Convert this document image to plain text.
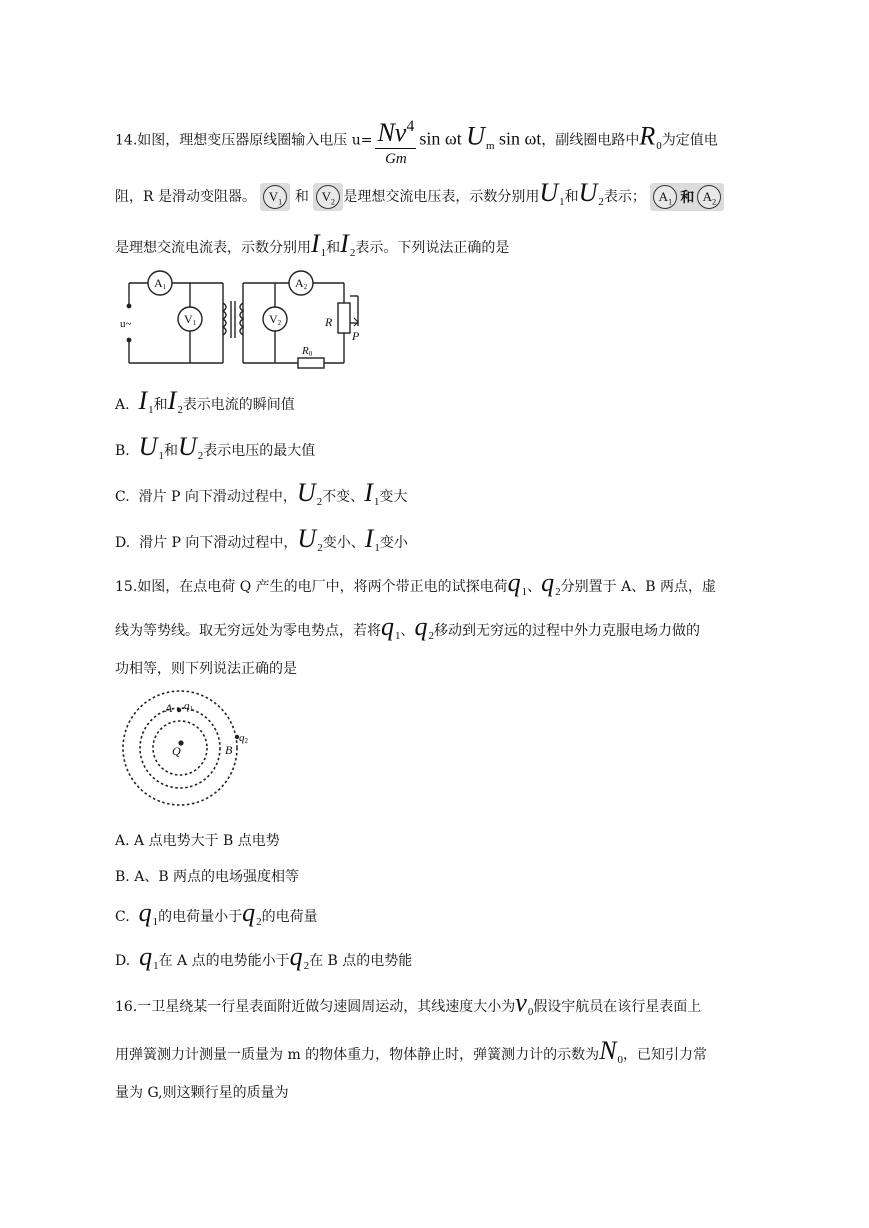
14.如图，理想变压器原线圈输入电压 $u= \frac{Nv^4}{Gm}$ sin ωt $U_m$ sin ωt，副线圈电路中$R_0$为定值电
阻，R 是滑动变阻器。 $V_1$ 和 $V_2$ 是理想交流电压表，示数分别用$U_1$和$U_2$表示； $A_1$ 和 $A_2$
是理想交流电流表，示数分别用$I_1$和$I_2$表示。下列说法正确的是
A1	A2
V1	V2
u~	R
P
R0
A. $I_1$和$I_2$表示电流的瞬间值
B. $U_1$和$U_2$表示电压的最大值
C. 滑片 P 向下滑动过程中，$U_2$不变、$I_1$变大
D. 滑片 P 向下滑动过程中，$U_2$变小、$I_1$变小
15.如图，在点电荷 Q 产生的电厂中，将两个带正电的试探电荷$q_1$、$q_2$分别置于 A、B 两点，虚
线为等势线。取无穷远处为零电势点，若将$q_1$、$q_2$移动到无穷远的过程中外力克服电场力做的
功相等，则下列说法正确的是
A q1
Q	B
q2
A. A 点电势大于 B 点电势
B. A、B 两点的电场强度相等
C. $q_1$的电荷量小于$q_2$的电荷量
D. $q_1$在 A 点的电势能小于$q_2$在 B 点的电势能
16.一卫星绕某一行星表面附近做匀速圆周运动，其线速度大小为$v_0$假设宇航员在该行星表面上
用弹簧测力计测量一质量为 m 的物体重力，物体静止时，弹簧测力计的示数为$N_0$，已知引力常
量为 G,则这颗行星的质量为
